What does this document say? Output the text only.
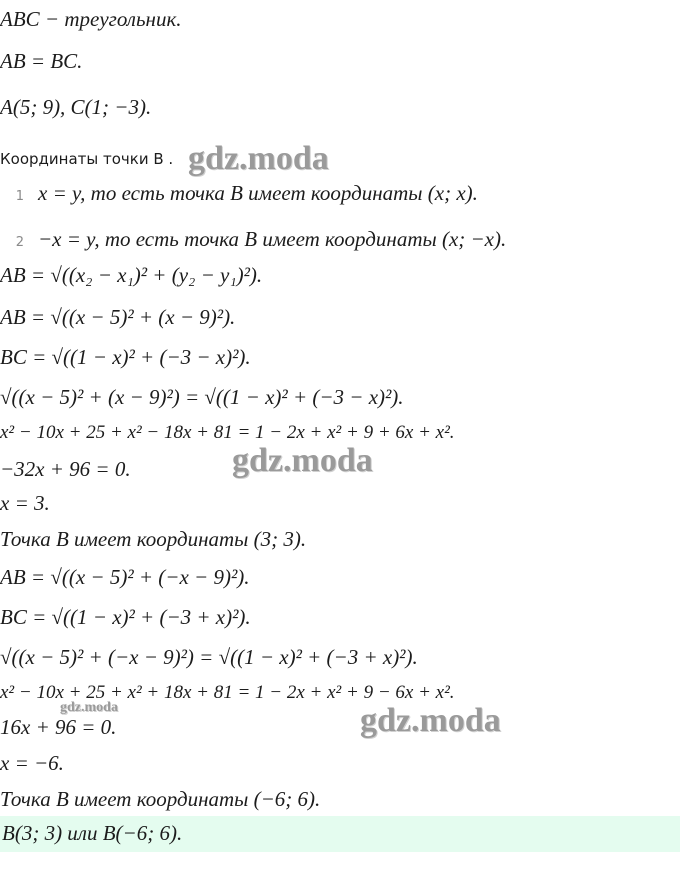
ABC − треугольник.
AB = BC.
A(5; 9), C(1; −3).
Координаты точки B .
1 x = y, то есть точка B имеет координаты (x; x).
2 −x = y, то есть точка B имеет координаты (x; −x).
AB = √((x₂ − x₁)² + (y₂ − y₁)²).
AB = √((x − 5)² + (x − 9)²).
BC = √((1 − x)² + (−3 − x)²).
√((x − 5)² + (x − 9)²) = √((1 − x)² + (−3 − x)²).
x² − 10x + 25 + x² − 18x + 81 = 1 − 2x + x² + 9 + 6x + x².
−32x + 96 = 0.
x = 3.
Точка B имеет координаты (3; 3).
AB = √((x − 5)² + (−x − 9)²).
BC = √((1 − x)² + (−3 + x)²).
√((x − 5)² + (−x − 9)²) = √((1 − x)² + (−3 + x)²).
x² − 10x + 25 + x² + 18x + 81 = 1 − 2x + x² + 9 − 6x + x².
16x + 96 = 0.
x = −6.
Точка B имеет координаты (−6; 6).
B(3; 3) или B(−6; 6).
gdz.moda
gdz.moda
gdz.moda	gdz.moda
